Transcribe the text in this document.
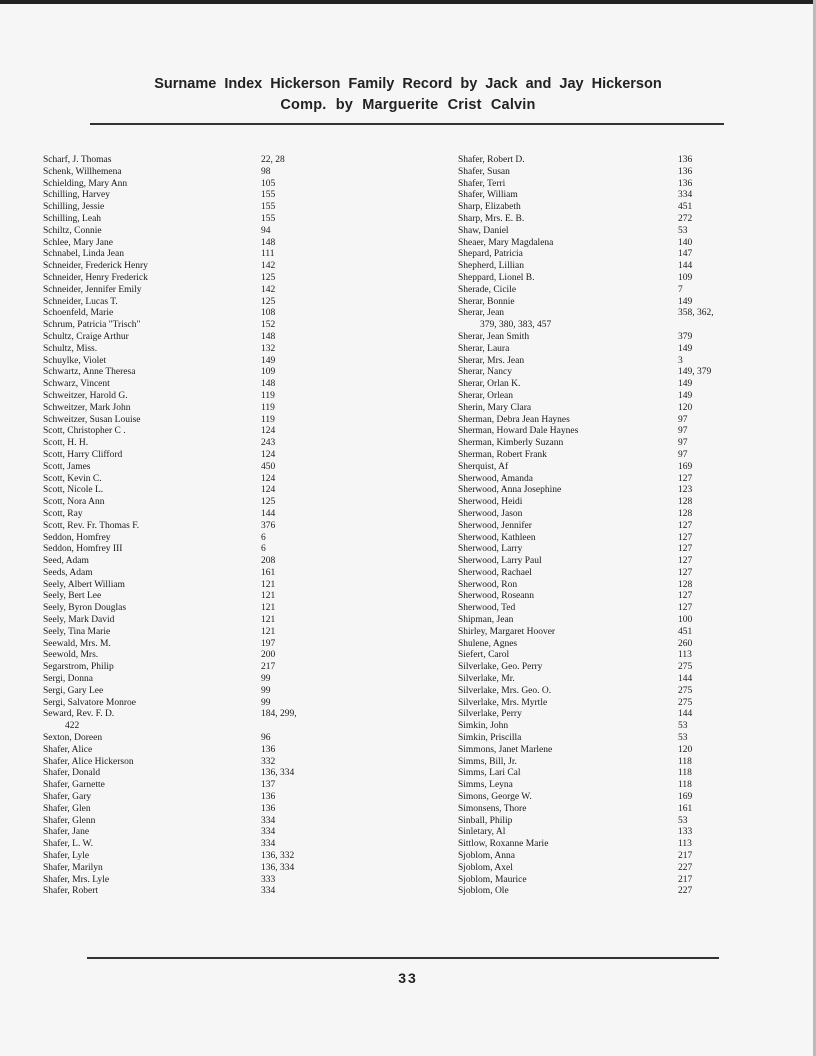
Surname Index Hickerson Family Record by Jack and Jay Hickerson
Comp. by Marguerite Crist Calvin
Scharf, J. Thomas	22, 28
Schenk, Willhemena	98
Schielding, Mary Ann	105
Schilling, Harvey	155
Schilling, Jessie	155
Schilling, Leah	155
Schiltz, Connie	94
Schlee, Mary Jane	148
Schnabel, Linda Jean	111
Schneider, Frederick Henry	142
Schneider, Henry Frederick	125
Schneider, Jennifer Emily	142
Schneider, Lucas T.	125
Schoenfeld, Marie	108
Schrum, Patricia "Trisch"	152
Schultz, Craige Arthur	148
Schultz, Miss.	132
Schuylke, Violet	149
Schwartz, Anne Theresa	109
Schwarz, Vincent	148
Schweitzer, Harold G.	119
Schweitzer, Mark John	119
Schweitzer, Susan Louise	119
Scott, Christopher C .	124
Scott, H. H.	243
Scott, Harry Clifford	124
Scott, James	450
Scott, Kevin C.	124
Scott, Nicole L.	124
Scott, Nora Ann	125
Scott, Ray	144
Scott, Rev. Fr. Thomas F.	376
Seddon, Homfrey	6
Seddon, Homfrey III	6
Seed, Adam	208
Seeds, Adam	161
Seely, Albert William	121
Seely, Bert Lee	121
Seely, Byron Douglas	121
Seely, Mark David	121
Seely, Tina Marie	121
Seewald, Mrs. M.	197
Seewold, Mrs.	200
Segarstrom, Philip	217
Sergi, Donna	99
Sergi, Gary Lee	99
Sergi, Salvatore Monroe	99
Seward, Rev. F. D.	184, 299,
422
Sexton, Doreen	96
Shafer, Alice	136
Shafer, Alice Hickerson	332
Shafer, Donald	136, 334
Shafer, Garnette	137
Shafer, Gary	136
Shafer, Glen	136
Shafer, Glenn	334
Shafer, Jane	334
Shafer, L. W.	334
Shafer, Lyle	136, 332
Shafer, Marilyn	136, 334
Shafer, Mrs. Lyle	333
Shafer, Robert	334
Shafer, Robert D.	136
Shafer, Susan	136
Shafer, Terri	136
Shafer, William	334
Sharp, Elizabeth	451
Sharp, Mrs. E. B.	272
Shaw, Daniel	53
Sheaer, Mary Magdalena	140
Shepard, Patricia	147
Shepherd, Lillian	144
Sheppard, Lionel B.	109
Sherade, Cicile	7
Sherar, Bonnie	149
Sherar, Jean	358, 362,
379, 380, 383, 457
Sherar, Jean Smith	379
Sherar, Laura	149
Sherar, Mrs. Jean	3
Sherar, Nancy	149, 379
Sherar, Orlan K.	149
Sherar, Orlean	149
Sherin, Mary Clara	120
Sherman, Debra Jean Haynes	97
Sherman, Howard Dale Haynes	97
Sherman, Kimberly Suzann	97
Sherman, Robert Frank	97
Sherquist, Af	169
Sherwood, Amanda	127
Sherwood, Anna Josephine	123
Sherwood, Heidi	128
Sherwood, Jason	128
Sherwood, Jennifer	127
Sherwood, Kathleen	127
Sherwood, Larry	127
Sherwood, Larry Paul	127
Sherwood, Rachael	127
Sherwood, Ron	128
Sherwood, Roseann	127
Sherwood, Ted	127
Shipman, Jean	100
Shirley, Margaret Hoover	451
Shulene, Agnes	260
Siefert, Carol	113
Silverlake, Geo. Perry	275
Silverlake, Mr.	144
Silverlake, Mrs. Geo. O.	275
Silverlake, Mrs. Myrtle	275
Silverlake, Perry	144
Simkin, John	53
Simkin, Priscilla	53
Simmons, Janet Marlene	120
Simms, Bill, Jr.	118
Simms, Lari Cal	118
Simms, Leyna	118
Simons, George W.	169
Simonsens, Thore	161
Sinball, Philip	53
Sinletary, Al	133
Sittlow, Roxanne Marie	113
Sjoblom, Anna	217
Sjoblom, Axel	227
Sjoblom, Maurice	217
Sjoblom, Ole	227
33
